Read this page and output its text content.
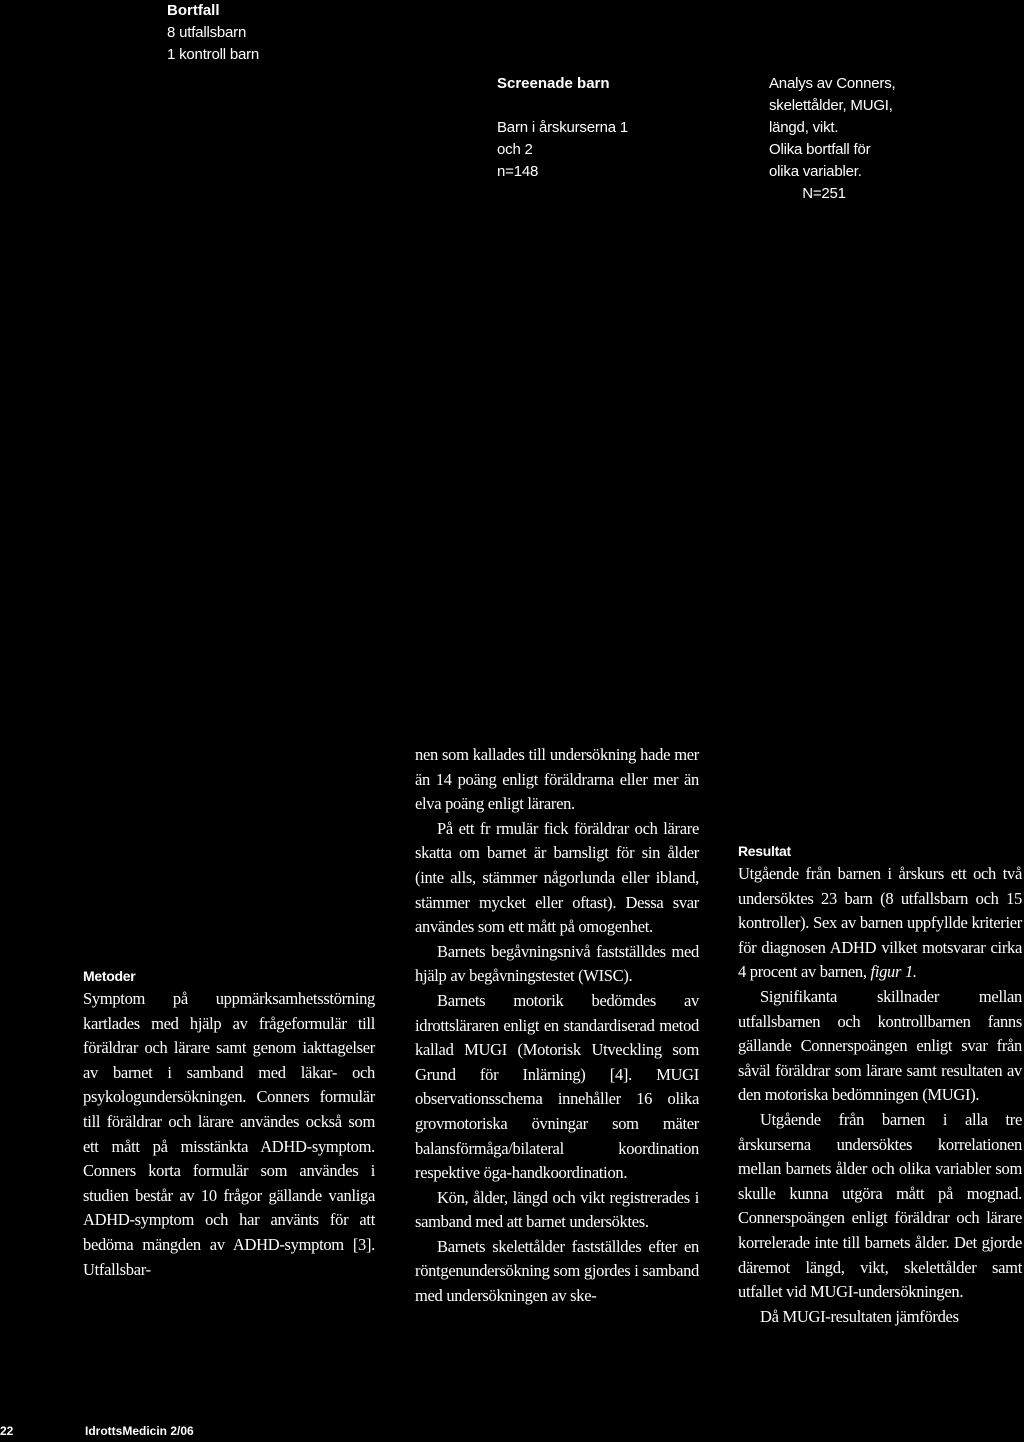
Bortfall
8 utfallsbarn
1 kontroll barn
Screenade barn
Barn i årskurserna 1
och 2
n=148
Analys av Conners,
skelettålder, MUGI,
längd, vikt.
Olika bortfall för
olika variabler.
N=251
Metoder

Symptom på uppmärksamhetsstörning kartlades med hjälp av frågeformulär till föräldrar och lärare samt genom iakttagelser av barnet i samband med läkar- och psykologundersökningen. Conners formulär till föräldrar och lärare användes också som ett mått på misstänkta ADHD-symptom. Conners korta formulär som användes i studien består av 10 frågor gällande vanliga ADHD-symptom och har använts för att bedöma mängden av ADHD-symptom [3]. Utfallsbar-

nen som kallades till undersökning hade mer än 14 poäng enligt föräldrarna eller mer än elva poäng enligt läraren.

På ett fr rmulär fick föräldrar och lärare skatta om barnet är barnsligt för sin ålder (inte alls, stämmer någorlunda eller ibland, stämmer mycket eller oftast). Dessa svar användes som ett mått på omogenhet.

Barnets begåvningsnivå fastställdes med hjälp av begåvningstestet (WISC).

Barnets motorik bedömdes av idrottsläraren enligt en standardiserad metod kallad MUGI (Motorisk Utveckling som Grund för Inlärning) [4]. MUGI observationsschema innehåller 16 olika grovmotoriska övningar som mäter balansförmåga/bilateral koordination respektive öga-handkoordination.

Kön, ålder, längd och vikt registrerades i samband med att barnet undersöktes.

Barnets skelettålder fastställdes efter en röntgenundersökning som gjordes i samband med undersökningen av ske-

Resultat

Utgående från barnen i årskurs ett och två undersöktes 23 barn (8 utfallsbarn och 15 kontroller). Sex av barnen uppfyllde kriterier för diagnosen ADHD vilket motsvarar cirka 4 procent av barnen, figur 1.

Signifikanta skillnader mellan utfallsbarnen och kontrollbarnen fanns gällande Connerspoängen enligt svar från såväl föräldrar som lärare samt resultaten av den motoriska bedömningen (MUGI).

Utgående från barnen i alla tre årskurserna undersöktes korrelationen mellan barnets ålder och olika variabler som skulle kunna utgöra mått på mognad. Connerspoängen enligt föräldrar och lärare korrelerade inte till barnets ålder. Det gjorde däremot längd, vikt, skelettålder samt utfallet vid MUGI-undersökningen.

Då MUGI-resultaten jämfördes

22	IdrottsMedicin 2/06
